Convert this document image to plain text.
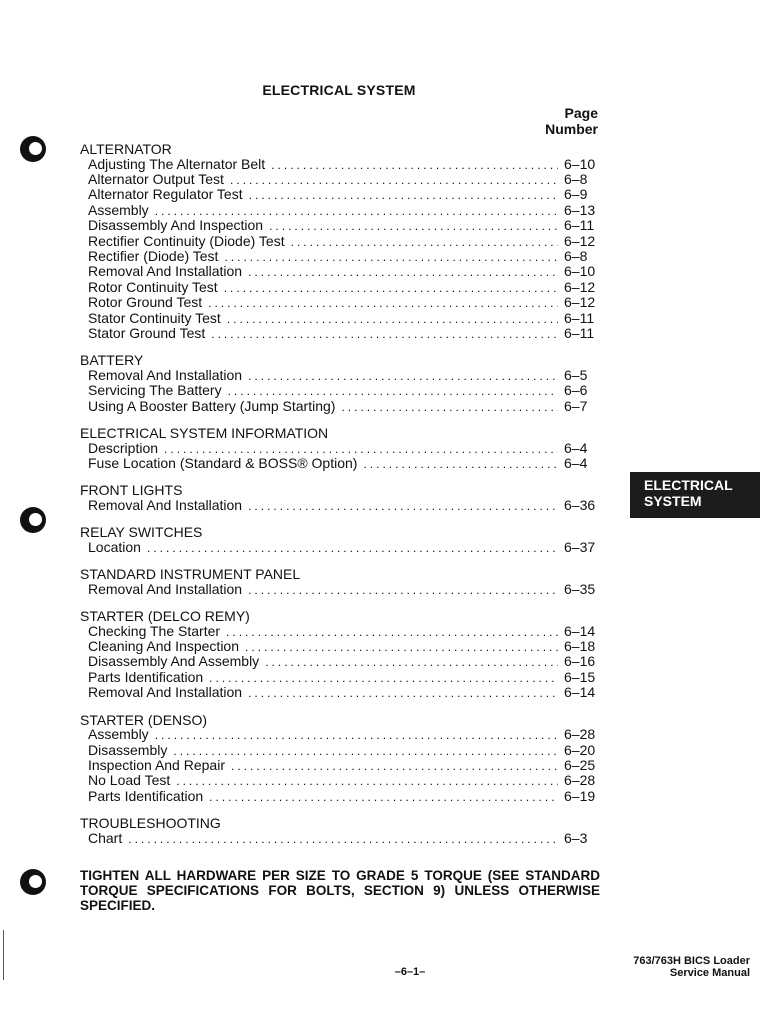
ELECTRICAL SYSTEM
Page
Number
ALTERNATOR
Adjusting The Alternator Belt .....	6–10
Alternator Output Test .....	6–8
Alternator Regulator Test .....	6–9
Assembly .....	6–13
Disassembly And Inspection .....	6–11
Rectifier Continuity (Diode) Test .....	6–12
Rectifier (Diode) Test .....	6–8
Removal And Installation .....	6–10
Rotor Continuity Test .....	6–12
Rotor Ground Test .....	6–12
Stator Continuity Test .....	6–11
Stator Ground Test .....	6–11
BATTERY
Removal And Installation .....	6–5
Servicing The Battery .....	6–6
Using A Booster Battery (Jump Starting) .....	6–7
ELECTRICAL SYSTEM INFORMATION
Description .....	6–4
Fuse Location (Standard & BOSS® Option) .....	6–4
FRONT LIGHTS
Removal And Installation .....	6–36
RELAY SWITCHES
Location .....	6–37
STANDARD INSTRUMENT PANEL
Removal And Installation .....	6–35
STARTER (DELCO REMY)
Checking The Starter .....	6–14
Cleaning And Inspection .....	6–18
Disassembly And Assembly .....	6–16
Parts Identification .....	6–15
Removal And Installation .....	6–14
STARTER (DENSO)
Assembly .....	6–28
Disassembly .....	6–20
Inspection And Repair .....	6–25
No Load Test .....	6–28
Parts Identification .....	6–19
TROUBLESHOOTING
Chart .....	6–3
ELECTRICAL
SYSTEM
TIGHTEN ALL HARDWARE PER SIZE TO GRADE 5 TORQUE (SEE STANDARD TORQUE SPECIFICATIONS FOR BOLTS, SECTION 9) UNLESS OTHERWISE SPECIFIED.
763/763H BICS Loader
Service Manual
–6–1–
